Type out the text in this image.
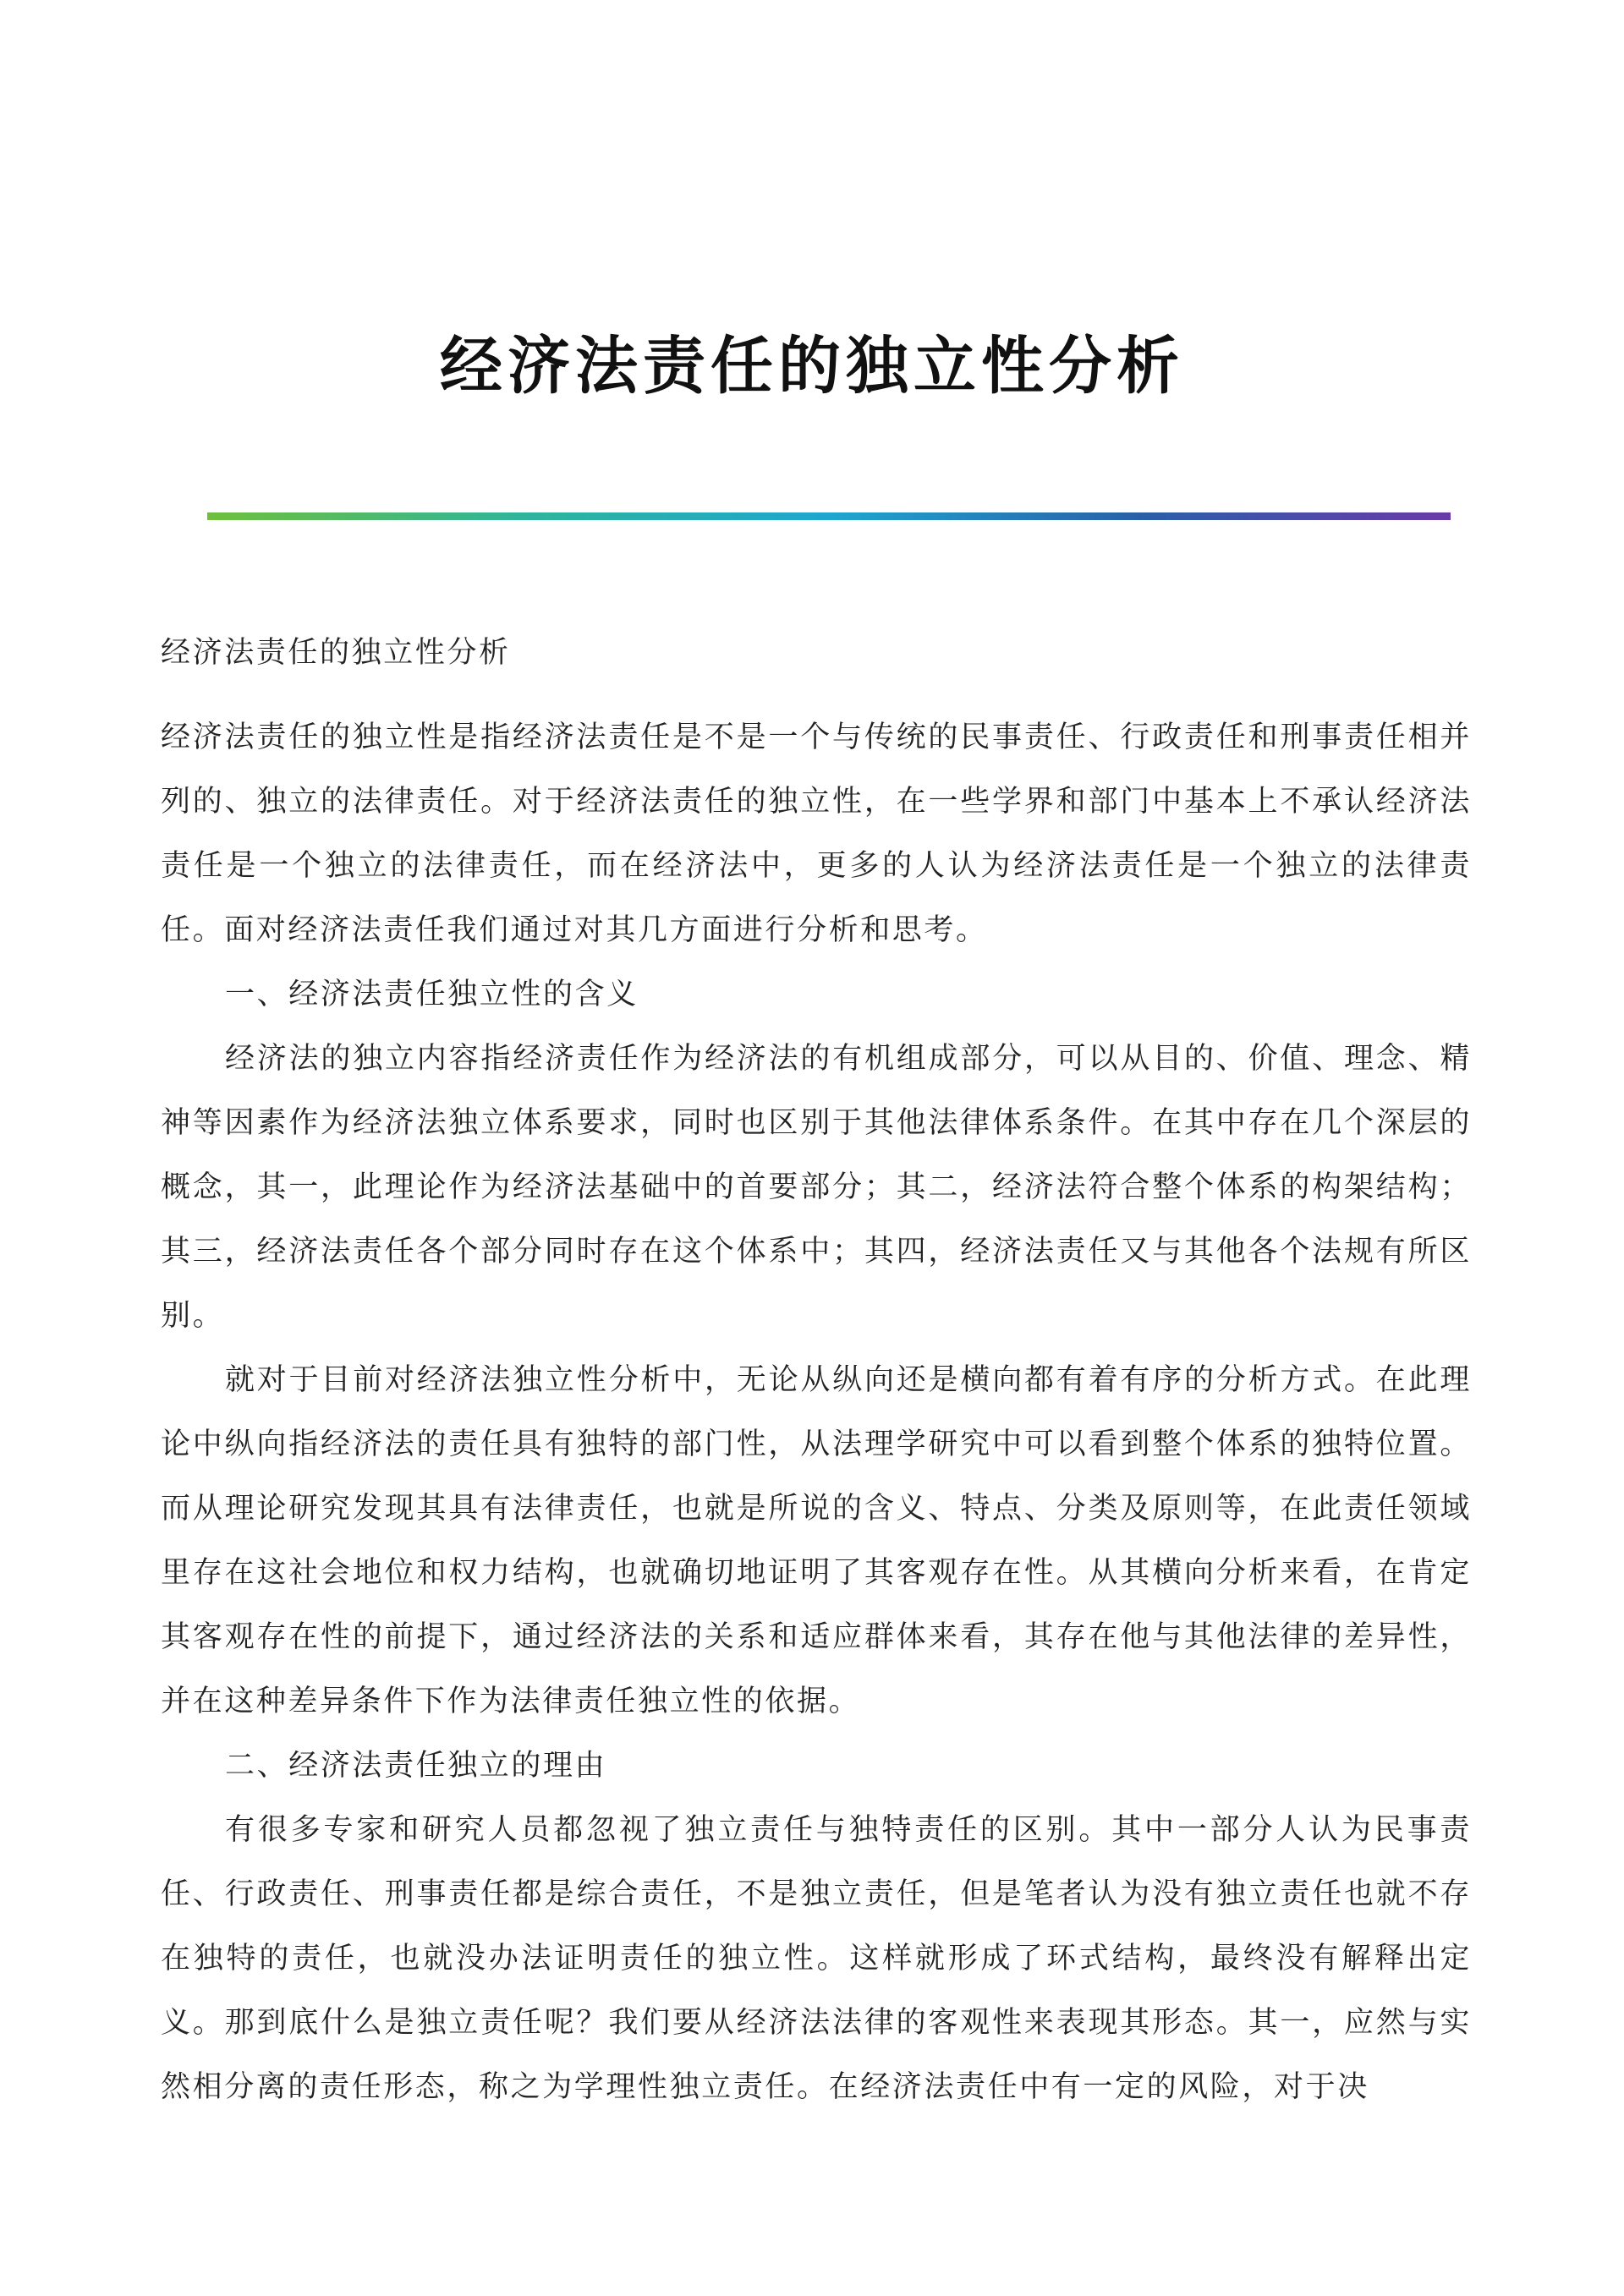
经济法责任的独立性分析

经济法责任的独立性分析

经济法责任的独立性是指经济法责任是不是一个与传统的民事责任、行政责任和刑事责任相并列的、独立的法律责任。对于经济法责任的独立性，在一些学界和部门中基本上不承认经济法责任是一个独立的法律责任，而在经济法中，更多的人认为经济法责任是一个独立的法律责任。面对经济法责任我们通过对其几方面进行分析和思考。

一、经济法责任独立性的含义

经济法的独立内容指经济责任作为经济法的有机组成部分，可以从目的、价值、理念、精神等因素作为经济法独立体系要求，同时也区别于其他法律体系条件。在其中存在几个深层的概念，其一，此理论作为经济法基础中的首要部分；其二，经济法符合整个体系的构架结构；其三，经济法责任各个部分同时存在这个体系中；其四，经济法责任又与其他各个法规有所区别。

就对于目前对经济法独立性分析中，无论从纵向还是横向都有着有序的分析方式。在此理论中纵向指经济法的责任具有独特的部门性，从法理学研究中可以看到整个体系的独特位置。而从理论研究发现其具有法律责任，也就是所说的含义、特点、分类及原则等，在此责任领域里存在这社会地位和权力结构，也就确切地证明了其客观存在性。从其横向分析来看，在肯定其客观存在性的前提下，通过经济法的关系和适应群体来看，其存在他与其他法律的差异性，并在这种差异条件下作为法律责任独立性的依据。

二、经济法责任独立的理由

有很多专家和研究人员都忽视了独立责任与独特责任的区别。其中一部分人认为民事责任、行政责任、刑事责任都是综合责任，不是独立责任，但是笔者认为没有独立责任也就不存在独特的责任，也就没办法证明责任的独立性。这样就形成了环式结构，最终没有解释出定义。那到底什么是独立责任呢？我们要从经济法法律的客观性来表现其形态。其一，应然与实然相分离的责任形态，称之为学理性独立责任。在经济法责任中有一定的风险，对于决
